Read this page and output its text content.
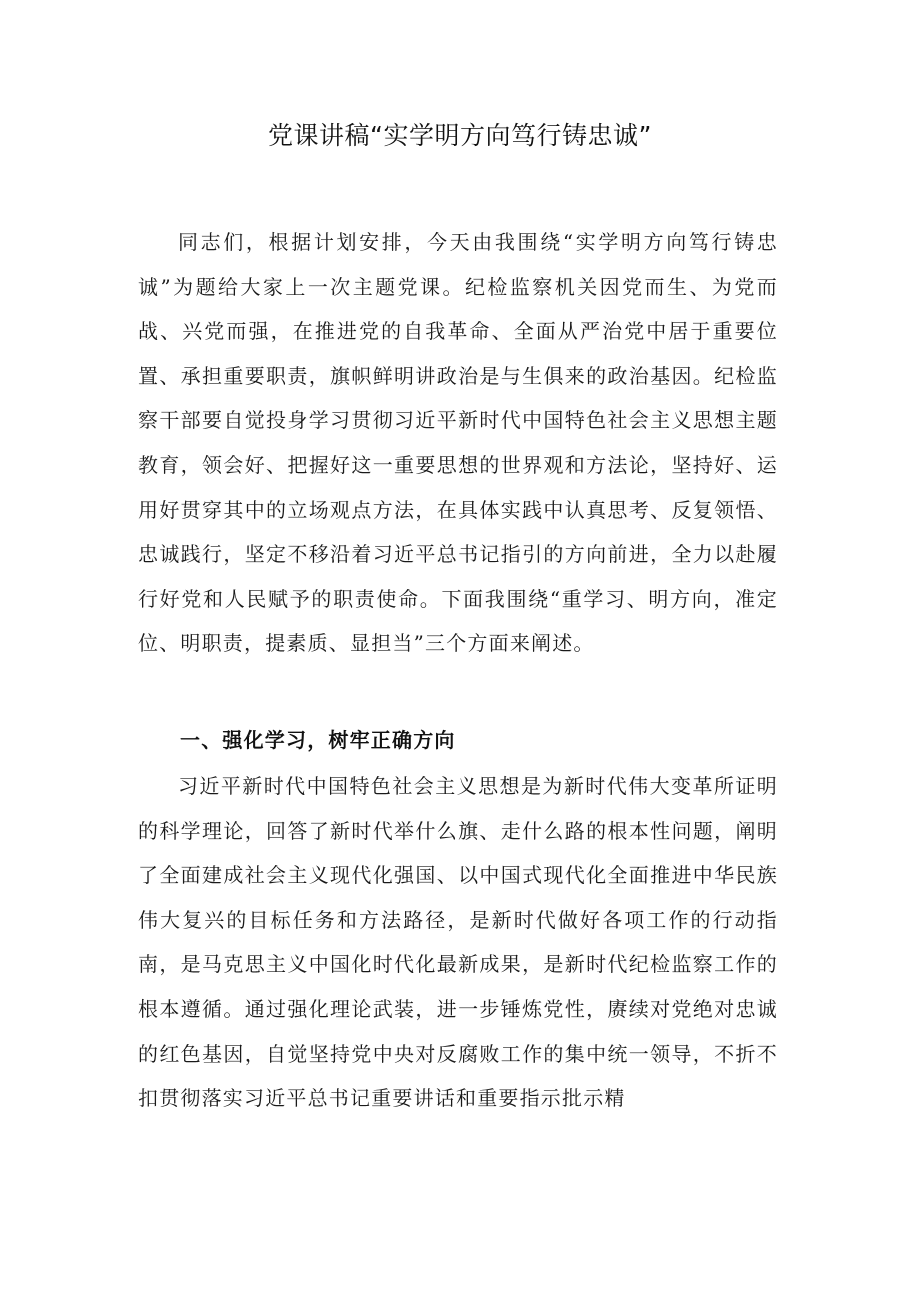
党课讲稿“实学明方向笃行铸忠诚”

同志们，根据计划安排，今天由我围绕“实学明方向笃行铸忠诚”为题给大家上一次主题党课。纪检监察机关因党而生、为党而战、兴党而强，在推进党的自我革命、全面从严治党中居于重要位置、承担重要职责，旗帜鲜明讲政治是与生俱来的政治基因。纪检监察干部要自觉投身学习贯彻习近平新时代中国特色社会主义思想主题教育，领会好、把握好这一重要思想的世界观和方法论，坚持好、运用好贯穿其中的立场观点方法，在具体实践中认真思考、反复领悟、忠诚践行，坚定不移沿着习近平总书记指引的方向前进，全力以赴履行好党和人民赋予的职责使命。下面我围绕“重学习、明方向，准定位、明职责，提素质、显担当”三个方面来阐述。

一、强化学习，树牢正确方向

习近平新时代中国特色社会主义思想是为新时代伟大变革所证明的科学理论，回答了新时代举什么旗、走什么路的根本性问题，阐明了全面建成社会主义现代化强国、以中国式现代化全面推进中华民族伟大复兴的目标任务和方法路径，是新时代做好各项工作的行动指南，是马克思主义中国化时代化最新成果，是新时代纪检监察工作的根本遵循。通过强化理论武装，进一步锤炼党性，赓续对党绝对忠诚的红色基因，自觉坚持党中央对反腐败工作的集中统一领导，不折不扣贯彻落实习近平总书记重要讲话和重要指示批示精
